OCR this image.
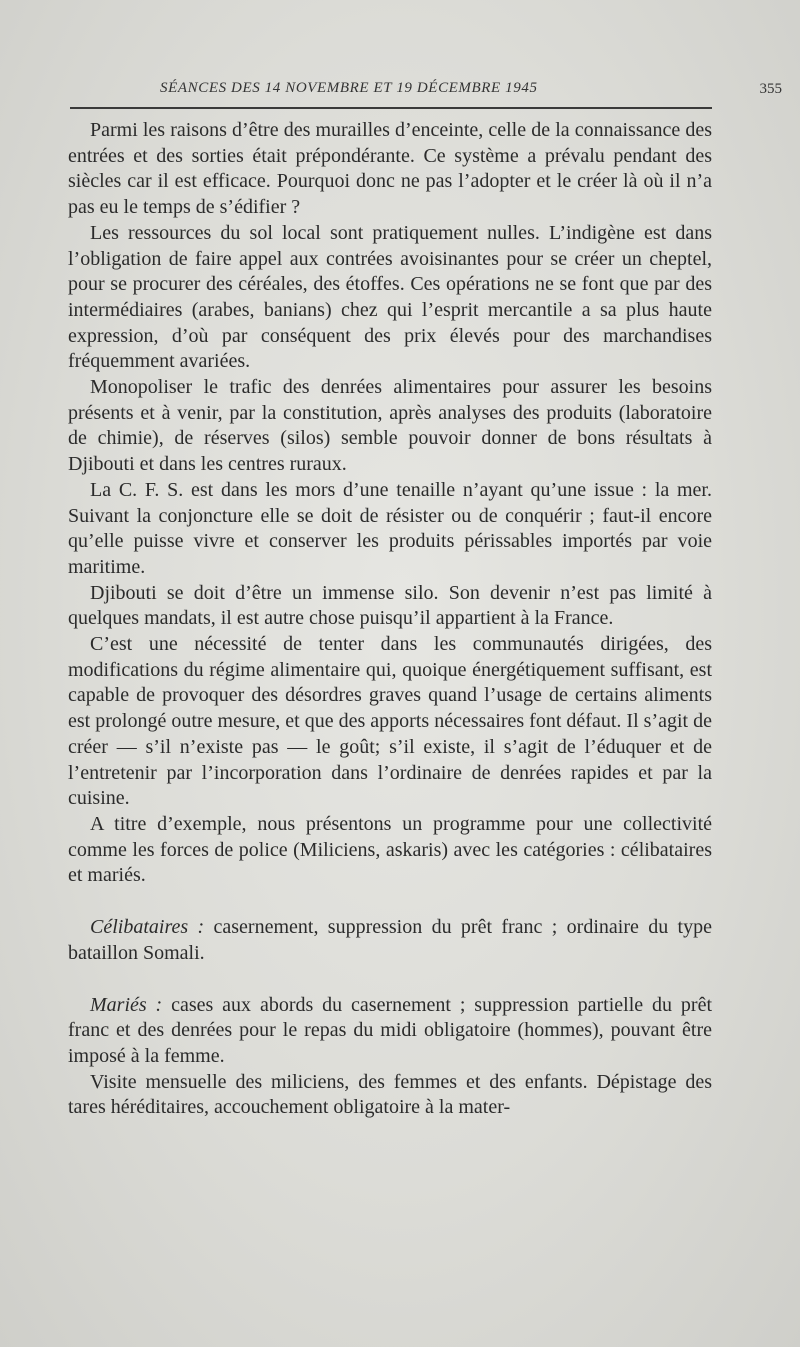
SÉANCES DES 14 NOVEMBRE ET 19 DÉCEMBRE 1945	355

Parmi les raisons d’être des murailles d’enceinte, celle de la connaissance des entrées et des sorties était prépondérante. Ce système a prévalu pendant des siècles car il est efficace. Pourquoi donc ne pas l’adopter et le créer là où il n’a pas eu le temps de s’édifier ?

Les ressources du sol local sont pratiquement nulles. L’indigène est dans l’obligation de faire appel aux contrées avoisinantes pour se créer un cheptel, pour se procurer des céréales, des étoffes. Ces opérations ne se font que par des intermédiaires (arabes, banians) chez qui l’esprit mercantile a sa plus haute expression, d’où par conséquent des prix élevés pour des marchandises fréquemment avariées.

Monopoliser le trafic des denrées alimentaires pour assurer les besoins présents et à venir, par la constitution, après analyses des produits (laboratoire de chimie), de réserves (silos) semble pouvoir donner de bons résultats à Djibouti et dans les centres ruraux.

La C. F. S. est dans les mors d’une tenaille n’ayant qu’une issue : la mer. Suivant la conjoncture elle se doit de résister ou de conquérir ; faut-il encore qu’elle puisse vivre et conserver les produits périssables importés par voie maritime.

Djibouti se doit d’être un immense silo. Son devenir n’est pas limité à quelques mandats, il est autre chose puisqu’il appartient à la France.

C’est une nécessité de tenter dans les communautés dirigées, des modifications du régime alimentaire qui, quoique énergétiquement suffisant, est capable de provoquer des désordres graves quand l’usage de certains aliments est prolongé outre mesure, et que des apports nécessaires font défaut. Il s’agit de créer — s’il n’existe pas — le goût; s’il existe, il s’agit de l’éduquer et de l’entretenir par l’incorporation dans l’ordinaire de denrées rapides et par la cuisine.

A titre d’exemple, nous présentons un programme pour une collectivité comme les forces de police (Miliciens, askaris) avec les catégories : célibataires et mariés.

Célibataires : casernement, suppression du prêt franc ; ordinaire du type bataillon Somali.

Mariés : cases aux abords du casernement ; suppression partielle du prêt franc et des denrées pour le repas du midi obligatoire (hommes), pouvant être imposé à la femme.

Visite mensuelle des miliciens, des femmes et des enfants. Dépistage des tares héréditaires, accouchement obligatoire à la mater-
